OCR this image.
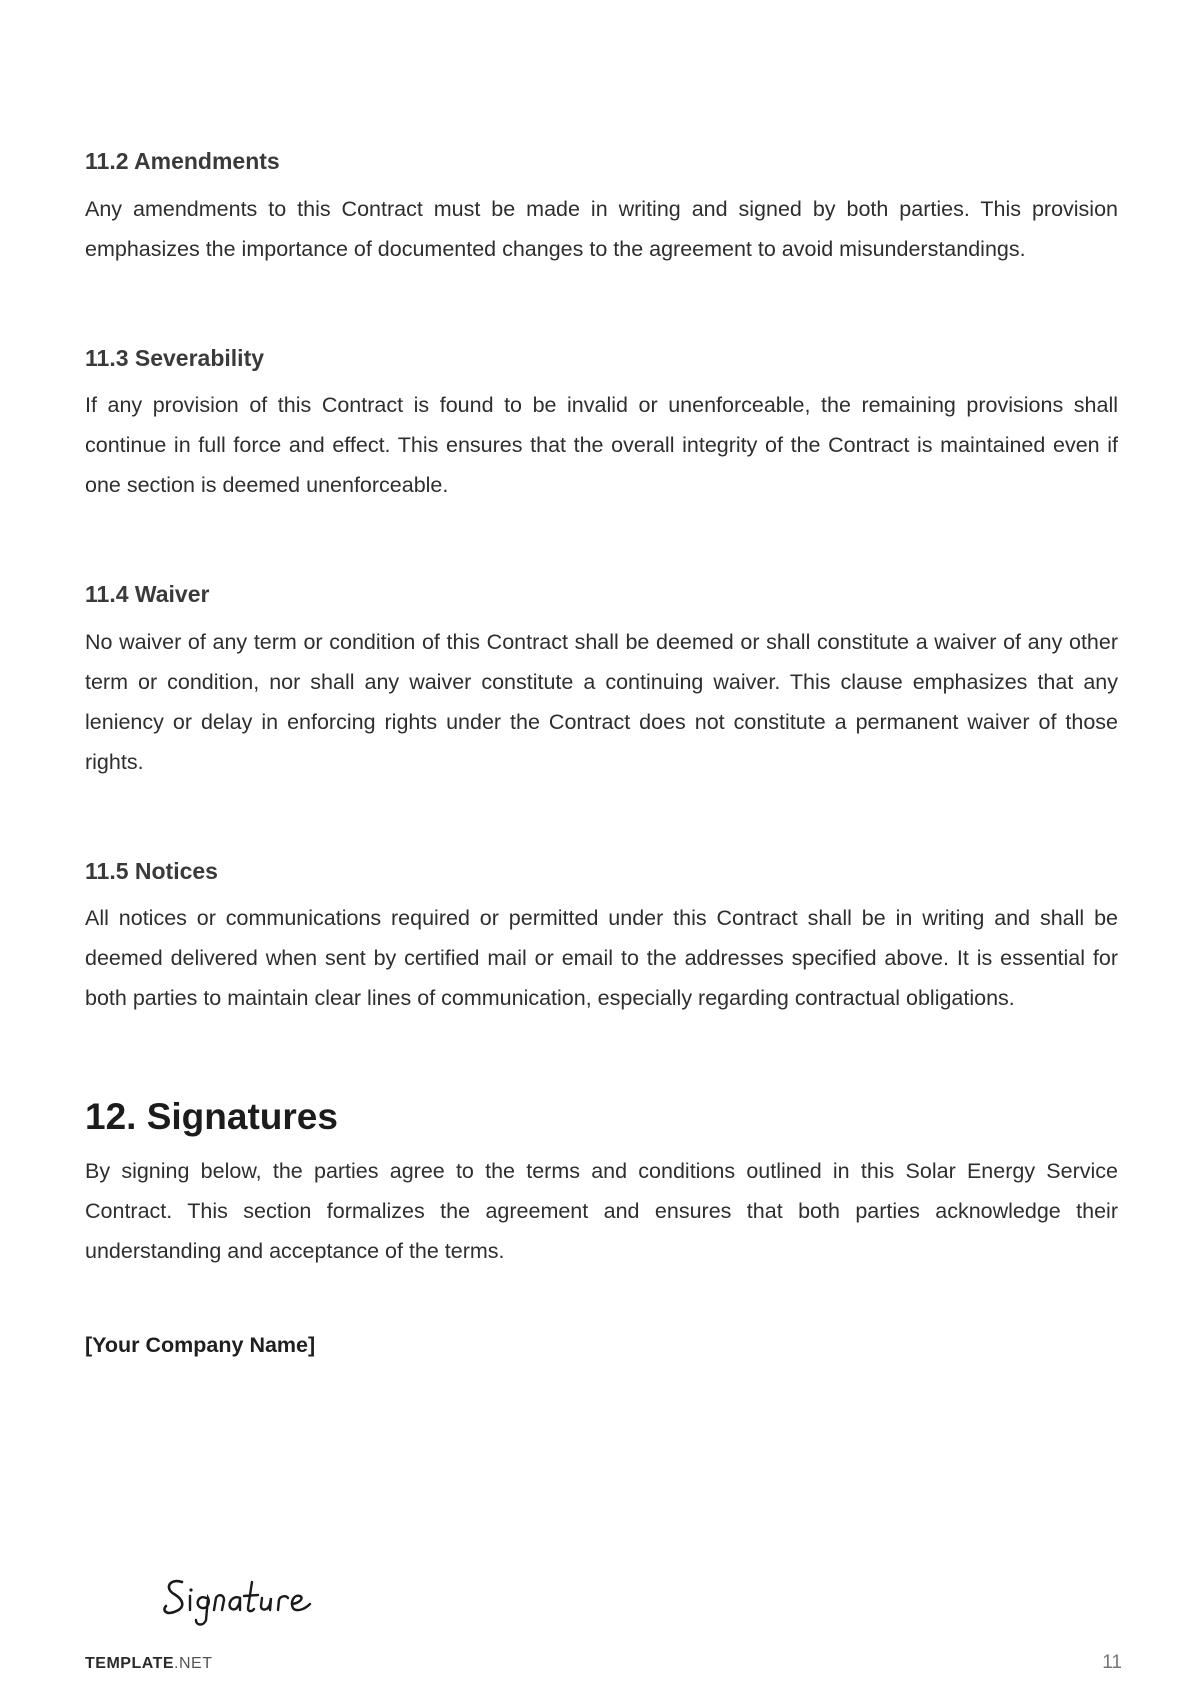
11.2 Amendments

Any amendments to this Contract must be made in writing and signed by both parties. This provision emphasizes the importance of documented changes to the agreement to avoid misunderstandings.

11.3 Severability

If any provision of this Contract is found to be invalid or unenforceable, the remaining provisions shall continue in full force and effect. This ensures that the overall integrity of the Contract is maintained even if one section is deemed unenforceable.

11.4 Waiver

No waiver of any term or condition of this Contract shall be deemed or shall constitute a waiver of any other term or condition, nor shall any waiver constitute a continuing waiver. This clause emphasizes that any leniency or delay in enforcing rights under the Contract does not constitute a permanent waiver of those rights.

11.5 Notices

All notices or communications required or permitted under this Contract shall be in writing and shall be deemed delivered when sent by certified mail or email to the addresses specified above. It is essential for both parties to maintain clear lines of communication, especially regarding contractual obligations.

12. Signatures

By signing below, the parties agree to the terms and conditions outlined in this Solar Energy Service Contract. This section formalizes the agreement and ensures that both parties acknowledge their understanding and acceptance of the terms.

[Your Company Name]

TEMPLATE.NET	11
